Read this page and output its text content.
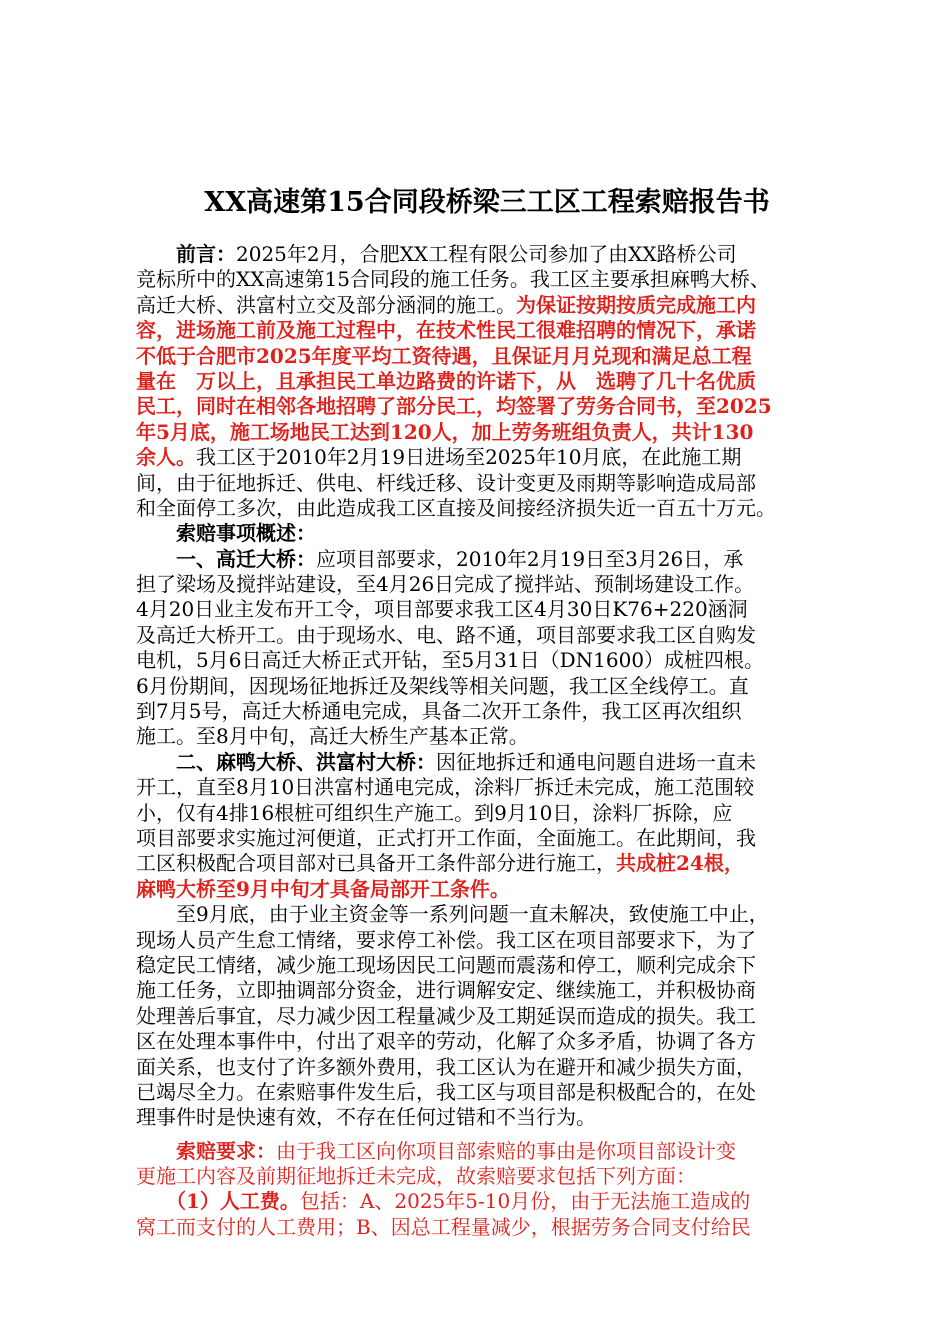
XX高速第15合同段桥梁三工区工程索赔报告书
　　前言：2025年2月，合肥XX工程有限公司参加了由XX路桥公司
竞标所中的XX高速第15合同段的施工任务。我工区主要承担麻鸭大桥、
高迁大桥、洪富村立交及部分涵洞的施工。为保证按期按质完成施工内
容，进场施工前及施工过程中，在技术性民工很难招聘的情况下，承诺
不低于合肥市2025年度平均工资待遇，且保证月月兑现和满足总工程
量在　万以上，且承担民工单边路费的许诺下，从　选聘了几十名优质
民工，同时在相邻各地招聘了部分民工，均签署了劳务合同书，至2025
年5月底，施工场地民工达到120人，加上劳务班组负责人，共计130
余人。我工区于2010年2月19日进场至2025年10月底，在此施工期
间，由于征地拆迁、供电、杆线迁移、设计变更及雨期等影响造成局部
和全面停工多次，由此造成我工区直接及间接经济损失近一百五十万元。
　　索赔事项概述：
　　一、高迁大桥：应项目部要求，2010年2月19日至3月26日，承
担了梁场及搅拌站建设，至4月26日完成了搅拌站、预制场建设工作。
4月20日业主发布开工令，项目部要求我工区4月30日K76+220涵洞
及高迁大桥开工。由于现场水、电、路不通，项目部要求我工区自购发
电机，5月6日高迁大桥正式开钻，至5月31日（DN1600）成桩四根。
6月份期间，因现场征地拆迁及架线等相关问题，我工区全线停工。直
到7月5号，高迁大桥通电完成，具备二次开工条件，我工区再次组织
施工。至8月中旬，高迁大桥生产基本正常。
　　二、麻鸭大桥、洪富村大桥：因征地拆迁和通电问题自进场一直未
开工，直至8月10日洪富村通电完成，涂料厂拆迁未完成，施工范围较
小，仅有4排16根桩可组织生产施工。到9月10日，涂料厂拆除，应
项目部要求实施过河便道，正式打开工作面，全面施工。在此期间，我
工区积极配合项目部对已具备开工条件部分进行施工，共成桩24根，
麻鸭大桥至9月中旬才具备局部开工条件。
　　至9月底，由于业主资金等一系列问题一直未解决，致使施工中止，
现场人员产生怠工情绪，要求停工补偿。我工区在项目部要求下，为了
稳定民工情绪，减少施工现场因民工问题而震荡和停工，顺利完成余下
施工任务，立即抽调部分资金，进行调解安定、继续施工，并积极协商
处理善后事宜，尽力减少因工程量减少及工期延误而造成的损失。我工
区在处理本事件中，付出了艰辛的劳动，化解了众多矛盾，协调了各方
面关系，也支付了许多额外费用，我工区认为在避开和减少损失方面，
已竭尽全力。在索赔事件发生后，我工区与项目部是积极配合的，在处
理事件时是快速有效，不存在任何过错和不当行为。
　　索赔要求：由于我工区向你项目部索赔的事由是你项目部设计变
更施工内容及前期征地拆迁未完成，故索赔要求包括下列方面：
　　（1）人工费。包括：A、2025年5-10月份，由于无法施工造成的
窝工而支付的人工费用；B、因总工程量减少，根据劳务合同支付给民
